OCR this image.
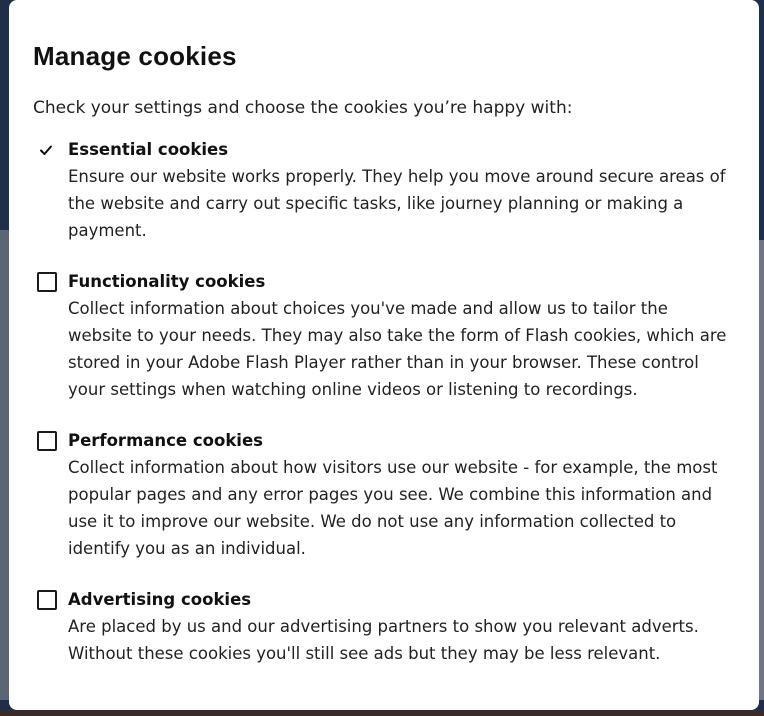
Manage cookies

Check your settings and choose the cookies you’re happy with:

Essential cookies
Ensure our website works properly. They help you move around secure areas of the website and carry out specific tasks, like journey planning or making a payment.
Functionality cookies
Collect information about choices you've made and allow us to tailor the website to your needs. They may also take the form of Flash cookies, which are stored in your Adobe Flash Player rather than in your browser. These control your settings when watching online videos or listening to recordings.
Performance cookies
Collect information about how visitors use our website - for example, the most popular pages and any error pages you see. We combine this information and use it to improve our website. We do not use any information collected to identify you as an individual.
Advertising cookies
Are placed by us and our advertising partners to show you relevant adverts. Without these cookies you'll still see ads but they may be less relevant.
